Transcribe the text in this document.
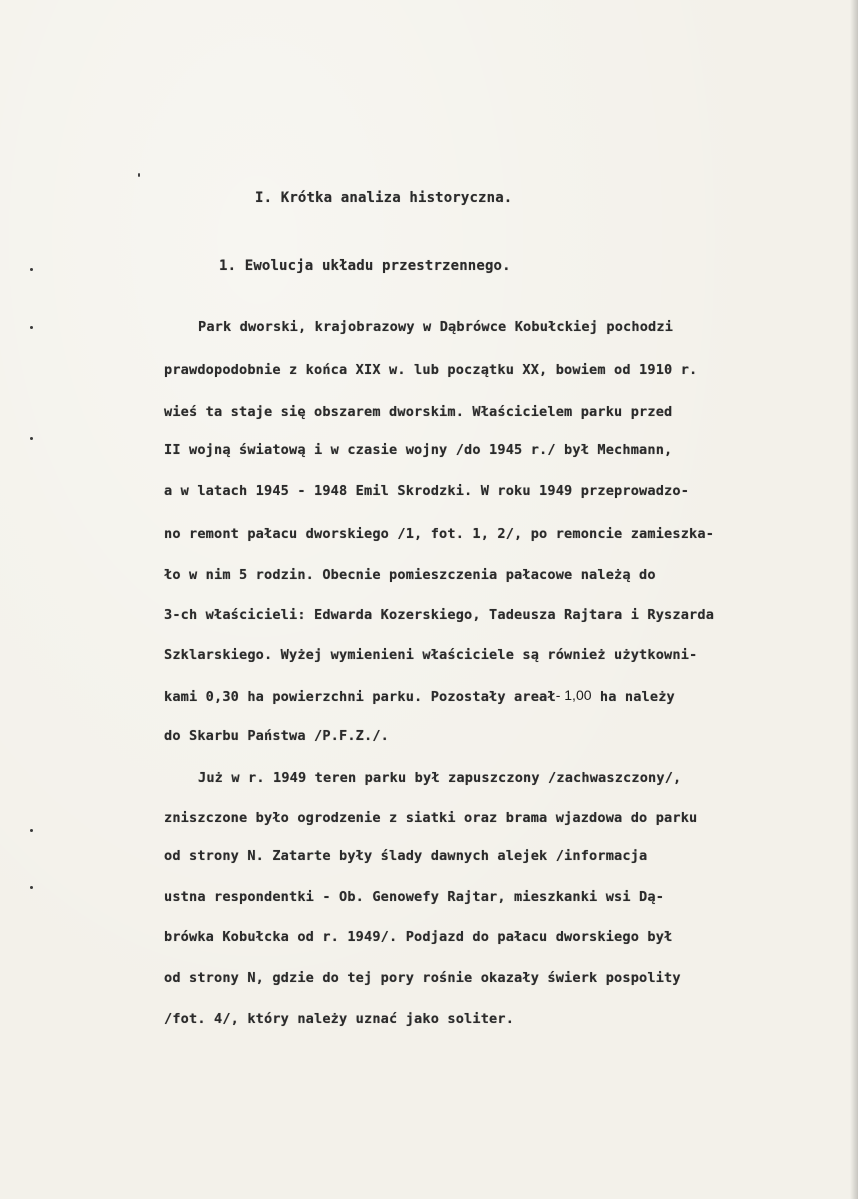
I. Krótka analiza historyczna.

1. Ewolucja układu przestrzennego.

Park dworski, krajobrazowy w Dąbrówce Kobułckiej pochodzi

prawdopodobnie z końca XIX w. lub początku XX, bowiem od 1910 r.

wieś ta staje się obszarem dworskim. Właścicielem parku przed

II wojną światową i w czasie wojny /do 1945 r./ był Mechmann,

a w latach 1945 - 1948 Emil Skrodzki. W roku 1949 przeprowadzo-

no remont pałacu dworskiego /1, fot. 1, 2/, po remoncie zamieszka-

ło w nim 5 rodzin. Obecnie pomieszczenia pałacowe należą do

3-ch właścicieli: Edwarda Kozerskiego, Tadeusza Rajtara i Ryszarda

Szklarskiego. Wyżej wymienieni właściciele są również użytkowni-

kami 0,30 ha powierzchni parku. Pozostały areał- 1,00 ha należy

do Skarbu Państwa /P.F.Z./.

Już w r. 1949 teren parku był zapuszczony /zachwaszczony/,

zniszczone było ogrodzenie z siatki oraz brama wjazdowa do parku

od strony N. Zatarte były ślady dawnych alejek /informacja

ustna respondentki - Ob. Genowefy Rajtar, mieszkanki wsi Dą-

brówka Kobułcka od r. 1949/. Podjazd do pałacu dworskiego był

od strony N, gdzie do tej pory rośnie okazały świerk pospolity

/fot. 4/, który należy uznać jako soliter.
